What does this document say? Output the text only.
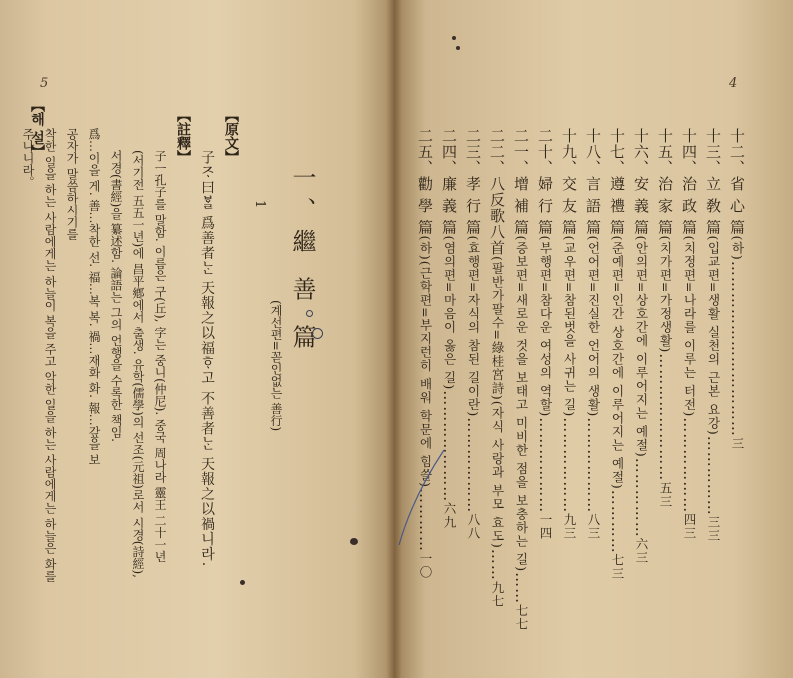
5
一、繼 善 篇
(계선편=꼳인없는 善行)
1
【原文】
子ᄌᆞ曰ᄫᆞᆯ 爲善者ᄂᆞᆫ 天報之以福ᄒᆞ고 不善者ᄂᆞᆫ 天報之以禍니라.
【註釋】
子ㅡ孔子를 말함. 이름은 구(丘), 字는 중니(仲尼). 중국 周나라 靈王 二十一년
(서기전 五五一년)에 昌平鄕에서 출생. 유학(儒學)의 선조(元祖)로서 시경(詩經),
서경(書經)을 纂述함. 論語는 그의 언행을 수록한 책임.
爲…이을 게. 善…착한 선. 福…복 복. 禍…재화 화. 報…갚을 보
【해 설】 공자가 말씀하시기를
착한 일을 하는 사람에게는 하늘이 복을 주고 악한 일을 하는 사람에게는 하늘은 화를
주나니라。
4
十二、省 心 篇(하)……………………………三
十三、立 敎 篇(입교편=생활 실천의 근본 요강)……………三三
十四、治 政 篇(치정편=나라를 이루는 터전)………………四三
十五、治 家 篇(치가편=가정생활)……………………五三
十六、安 義 篇(안의편=상호간에 이루어지는 예절)……………六三
十七、遵 禮 篇(준예편=인간 상호간에 이루어지는 예절)…………七三
十八、言 語 篇(언어편=진실한 언어의 생활)………………八三
十九、交 友 篇(교우편=참된벗을 사귀는 길)………………九三
二十、婦 行 篇(부행편=참다운 여성의 역할)………………一四
二一、增 補 篇(증보편=새로운 것을 보태고 미비한 점을 보충하는 길)……七七
二二、八反歌八首(팔반가팔수=綠桂宮詩)(자식 사랑과 부모 효도)……九七
二三、孝 行 篇(효행편=자식의 참된 길이란)………………八八
二四、廉 義 篇(염의편=마음이 옳은 길)…………………六九
二五、勸 學 篇(하)(근학편=부지런히 배워 학문에 힘쓸)…………一〇
